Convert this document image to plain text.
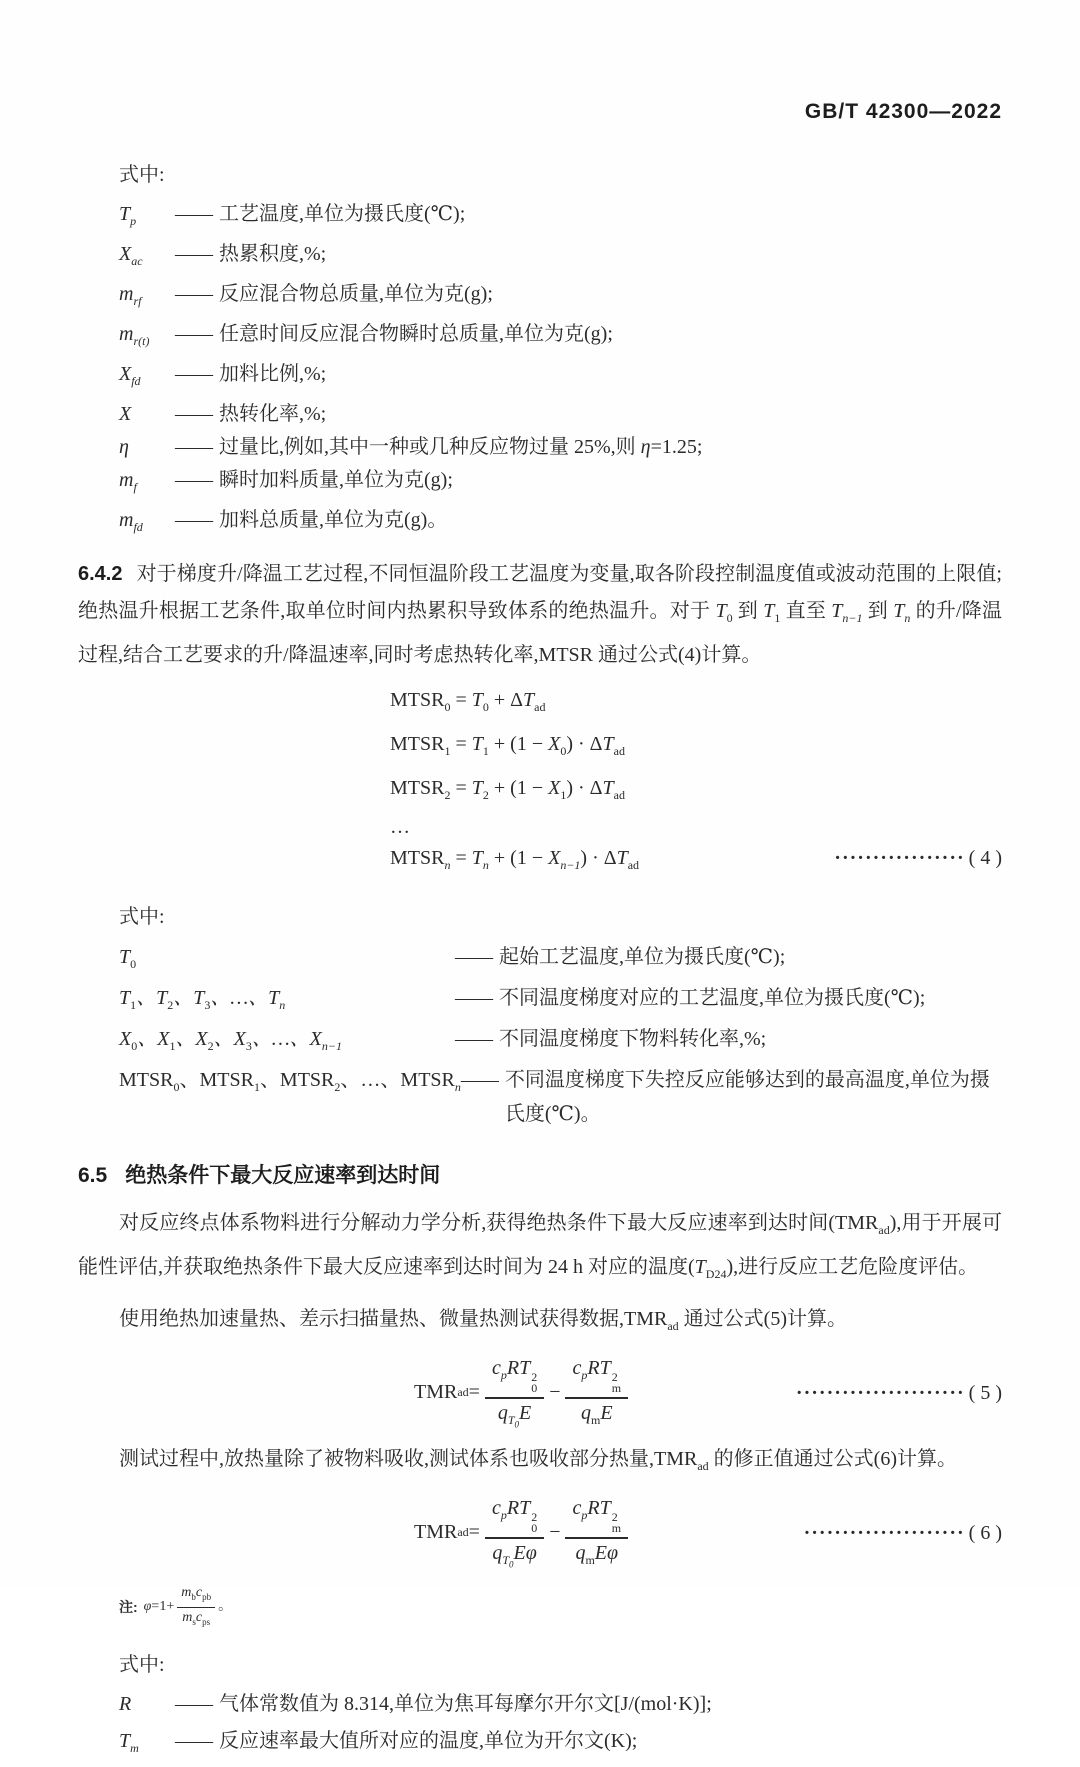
GB/T 42300—2022
式中:
$T_p$	—— 工艺温度,单位为摄氏度(℃);
$X_{ac}$	—— 热累积度,%;
$m_{rf}$	—— 反应混合物总质量,单位为克(g);
$m_{r(t)}$	—— 任意时间反应混合物瞬时总质量,单位为克(g);
$X_{fd}$	—— 加料比例,%;
X	—— 热转化率,%;
η	—— 过量比,例如,其中一种或几种反应物过量 25%,则 η=1.25;
$m_f$	—— 瞬时加料质量,单位为克(g);
$m_{fd}$	—— 加料总质量,单位为克(g)。
6.4.2 对于梯度升/降温工艺过程,不同恒温阶段工艺温度为变量,取各阶段控制温度值或波动范围的上限值;绝热温升根据工艺条件,取单位时间内热累积导致体系的绝热温升。对于 $T_0$ 到 $T_1$ 直至 $T_{n-1}$ 到 $T_n$ 的升/降温过程,结合工艺要求的升/降温速率,同时考虑热转化率,MTSR 通过公式(4)计算。
$MTSR_0 = T_0 + \Delta T_{ad}$
$MTSR_1 = T_1 + (1 - X_0) \cdot \Delta T_{ad}$
$MTSR_2 = T_2 + (1 - X_1) \cdot \Delta T_{ad}$
…
$MTSR_n = T_n + (1 - X_{n-1}) \cdot \Delta T_{ad}$	················· ( 4 )
式中:
$T_0$	—— 起始工艺温度,单位为摄氏度(℃);
$T_1$、$T_2$、$T_3$、…、$T_n$	—— 不同温度梯度对应的工艺温度,单位为摄氏度(℃);
$X_0$、$X_1$、$X_2$、$X_3$、…、$X_{n-1}$	—— 不同温度梯度下物料转化率,%;
$MTSR_0$、$MTSR_1$、$MTSR_2$、…、$MTSR_n$ —— 不同温度梯度下失控反应能够达到的最高温度,单位为摄氏度(℃)。
6.5 绝热条件下最大反应速率到达时间
对反应终点体系物料进行分解动力学分析,获得绝热条件下最大反应速率到达时间$(TMR_{ad})$,用于开展可能性评估,并获取绝热条件下最大反应速率到达时间为 24 h 对应的温度$(T_{D24})$,进行反应工艺危险度评估。
使用绝热加速量热、差示扫描量热、微量热测试获得数据$,TMR_{ad}$ 通过公式(5)计算。
TMR ad = $c_pRT$ 2
0
$q_{T_0}E - c_pRT$ 2
m
$q_mE$	······················ ( 5 )
测试过程中,放热量除了被物料吸收,测试体系也吸收部分热量$,TMR_{ad}$ 的修正值通过公式(6)计算。
TMR ad = $c_pRT$ 2
0
$q_{T_0}E\varphi - c_pRT$ 2
m
$q_mE\varphi$	····················· ( 6 )
注: $\varphi =1+ \frac{m_bc_{pb}}{m_sc_{ps}}$ 。
式中:
R	—— 气体常数值为 8.314,单位为焦耳每摩尔开尔文[J/(mol·K)];
$T_m$	—— 反应速率最大值所对应的温度,单位为开尔文(K);
